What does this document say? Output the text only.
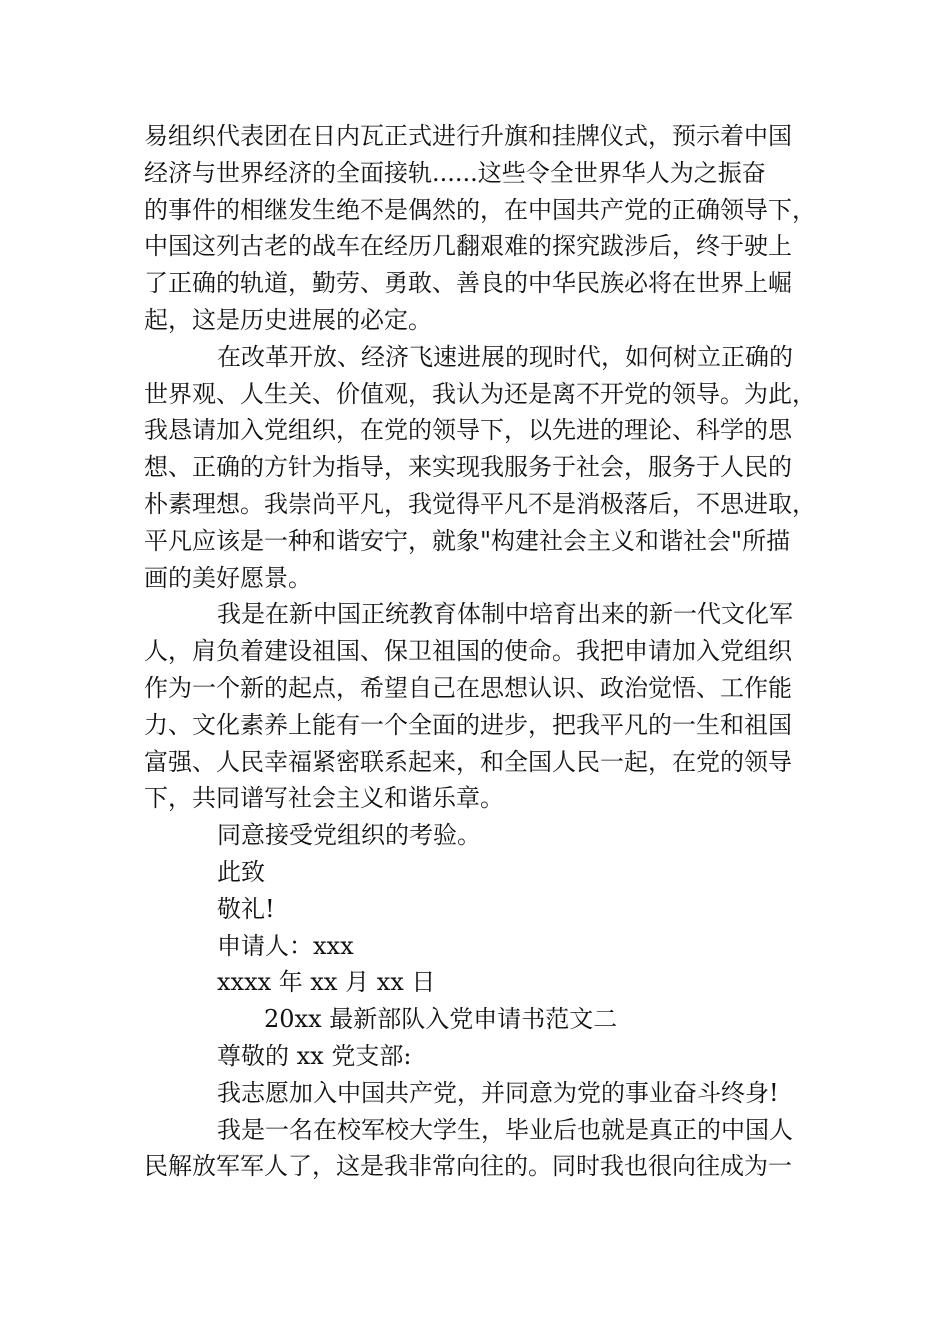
易组织代表团在日内瓦正式进行升旗和挂牌仪式，预示着中国
经济与世界经济的全面接轨......这些令全世界华人为之振奋
的事件的相继发生绝不是偶然的，在中国共产党的正确领导下，
中国这列古老的战车在经历几翻艰难的探究跋涉后，终于驶上
了正确的轨道，勤劳、勇敢、善良的中华民族必将在世界上崛
起，这是历史进展的必定。
在改革开放、经济飞速进展的现时代，如何树立正确的
世界观、人生关、价值观，我认为还是离不开党的领导。为此，
我恳请加入党组织，在党的领导下，以先进的理论、科学的思
想、正确的方针为指导，来实现我服务于社会，服务于人民的
朴素理想。我崇尚平凡，我觉得平凡不是消极落后，不思进取，
平凡应该是一种和谐安宁，就象"构建社会主义和谐社会"所描
画的美好愿景。
我是在新中国正统教育体制中培育出来的新一代文化军
人，肩负着建设祖国、保卫祖国的使命。我把申请加入党组织
作为一个新的起点，希望自己在思想认识、政治觉悟、工作能
力、文化素养上能有一个全面的进步，把我平凡的一生和祖国
富强、人民幸福紧密联系起来，和全国人民一起，在党的领导
下，共同谱写社会主义和谐乐章。
同意接受党组织的考验。
此致
敬礼!
申请人：xxx
xxxx 年 xx 月 xx 日
20xx 最新部队入党申请书范文二
尊敬的 xx 党支部:
我志愿加入中国共产党，并同意为党的事业奋斗终身!
我是一名在校军校大学生，毕业后也就是真正的中国人
民解放军军人了，这是我非常向往的。同时我也很向往成为一
